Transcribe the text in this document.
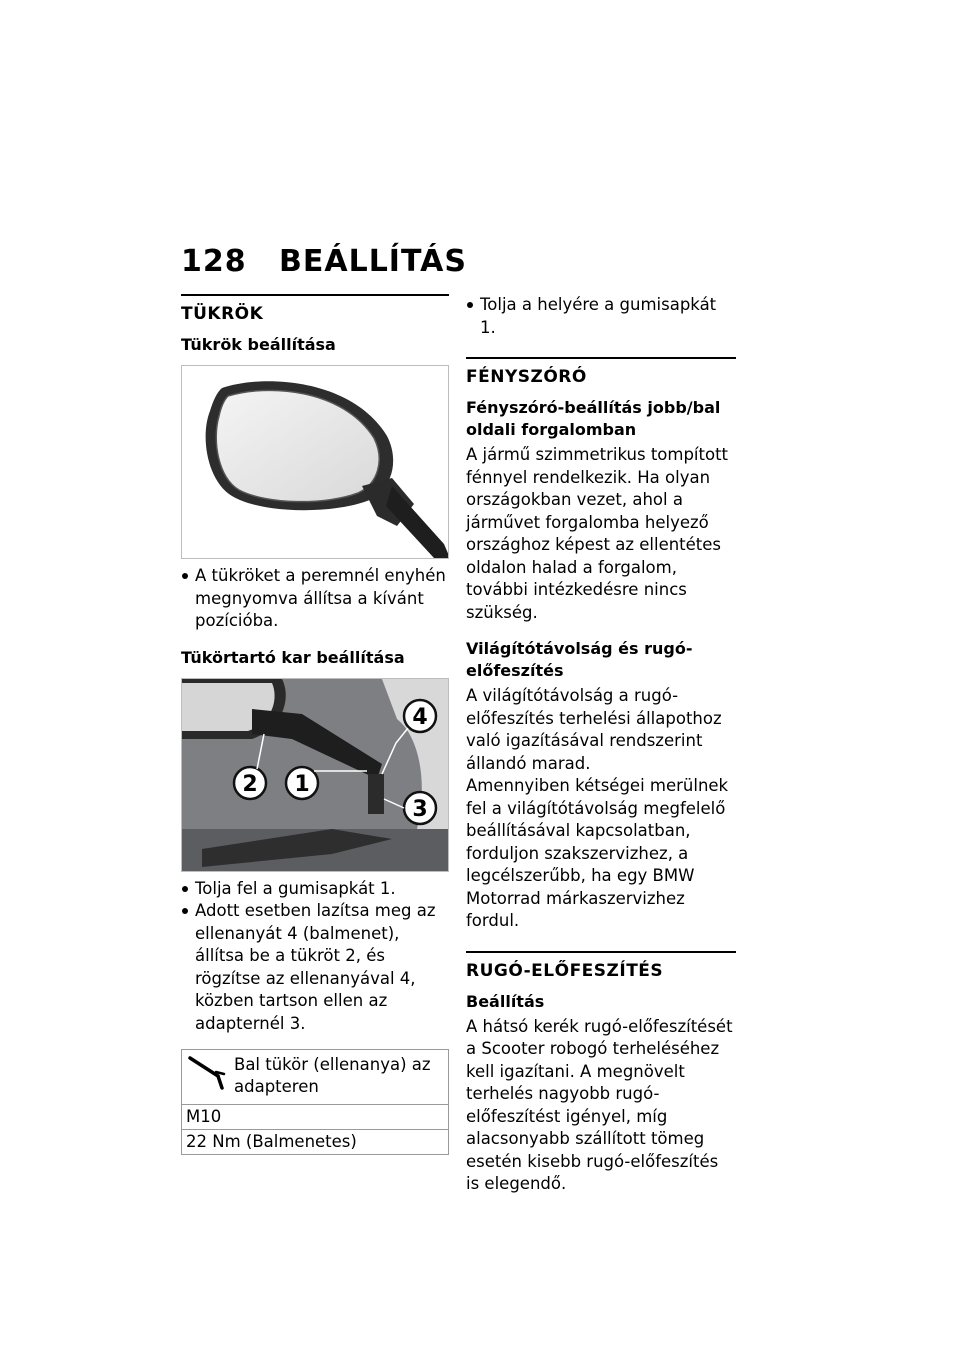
128 BEÁLLÍTÁS
TÜKRÖK
Tükrök beállítása
A tükröket a peremnél enyhén megnyomva állítsa a kívánt pozícióba.
Tükörtartó kar beállítása
4
2 1
3
Tolja fel a gumisapkát 1.
Adott esetben lazítsa meg az ellenanyát 4 (balmenet), állítsa be a tükröt 2, és rögzítse az ellenanyával 4, közben tartson ellen az adapternél 3.
Bal tükör (ellenanya) az adapteren
M10
22 Nm (Balmenetes)
Tolja a helyére a gumisapkát 1.
FÉNYSZÓRÓ
Fényszóró-beállítás jobb/bal oldali forgalomban

A jármű szimmetrikus tompított fénnyel rendelkezik. Ha olyan országokban vezet, ahol a járművet forgalomba helyező országhoz képest az ellentétes oldalon halad a forgalom, további intézkedésre nincs szükség.

Világítótávolság és rugó-előfeszítés

A világítótávolság a rugó-előfeszítés terhelési állapothoz való igazításával rendszerint állandó marad.

Amennyiben kétségei merülnek fel a világítótávolság megfelelő beállításával kapcsolatban, forduljon szakszervizhez, a legcélszerűbb, ha egy BMW Motorrad márkaszervizhez fordul.

RUGÓ-ELŐFESZÍTÉS
Beállítás

A hátsó kerék rugó-előfeszítését a Scooter robogó terheléséhez kell igazítani. A megnövelt terhelés nagyobb rugó-előfeszítést igényel, míg alacsonyabb szállított tömeg esetén kisebb rugó-előfeszítés is elegendő.
